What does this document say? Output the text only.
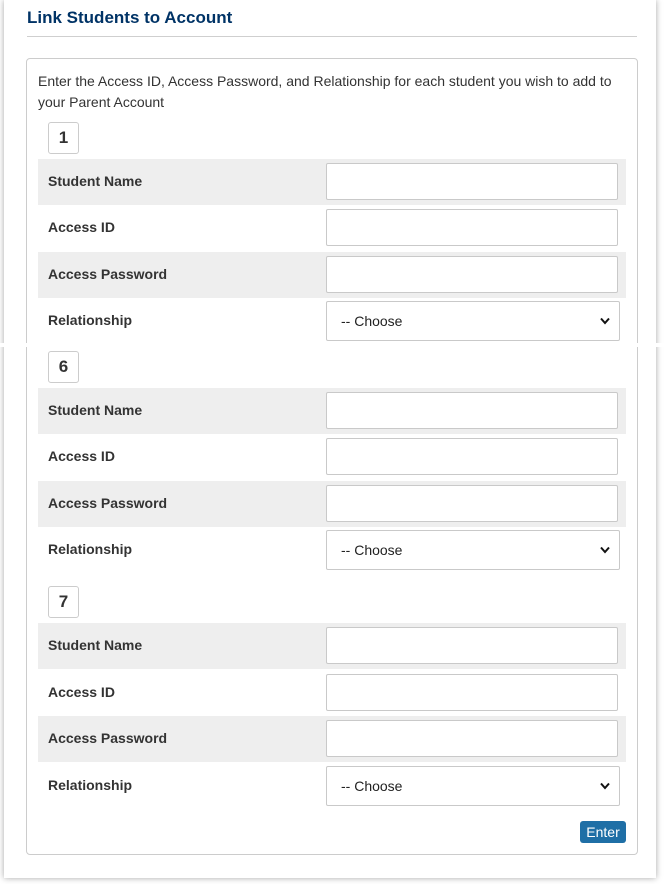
Link Students to Account
Enter the Access ID, Access Password, and Relationship for each student you wish to add to your Parent Account
1
Student Name
Access ID
Access Password
Relationship	-- Choose
6
Student Name
Access ID
Access Password
Relationship	-- Choose
7
Student Name
Access ID
Access Password
Relationship	-- Choose
Enter
